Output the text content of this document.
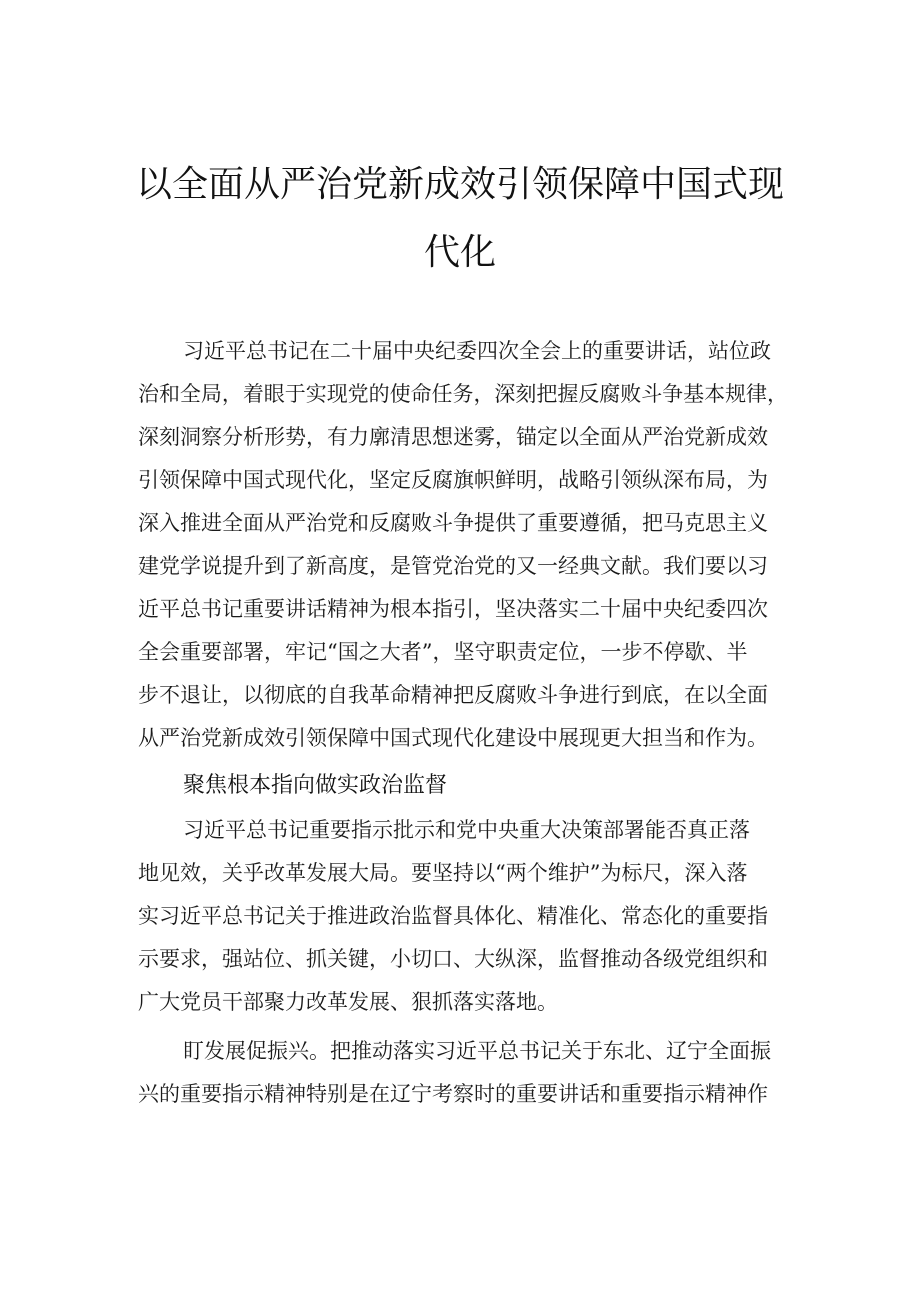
以全面从严治党新成效引领保障中国式现
代化
习近平总书记在二十届中央纪委四次全会上的重要讲话，站位政
治和全局，着眼于实现党的使命任务，深刻把握反腐败斗争基本规律，
深刻洞察分析形势，有力廓清思想迷雾，锚定以全面从严治党新成效
引领保障中国式现代化，坚定反腐旗帜鲜明，战略引领纵深布局，为
深入推进全面从严治党和反腐败斗争提供了重要遵循，把马克思主义
建党学说提升到了新高度，是管党治党的又一经典文献。我们要以习
近平总书记重要讲话精神为根本指引，坚决落实二十届中央纪委四次
全会重要部署，牢记“国之大者”，坚守职责定位，一步不停歇、半
步不退让，以彻底的自我革命精神把反腐败斗争进行到底，在以全面
从严治党新成效引领保障中国式现代化建设中展现更大担当和作为。
聚焦根本指向做实政治监督
习近平总书记重要指示批示和党中央重大决策部署能否真正落
地见效，关乎改革发展大局。要坚持以“两个维护”为标尺，深入落
实习近平总书记关于推进政治监督具体化、精准化、常态化的重要指
示要求，强站位、抓关键，小切口、大纵深，监督推动各级党组织和
广大党员干部聚力改革发展、狠抓落实落地。
盯发展促振兴。把推动落实习近平总书记关于东北、辽宁全面振
兴的重要指示精神特别是在辽宁考察时的重要讲话和重要指示精神作
